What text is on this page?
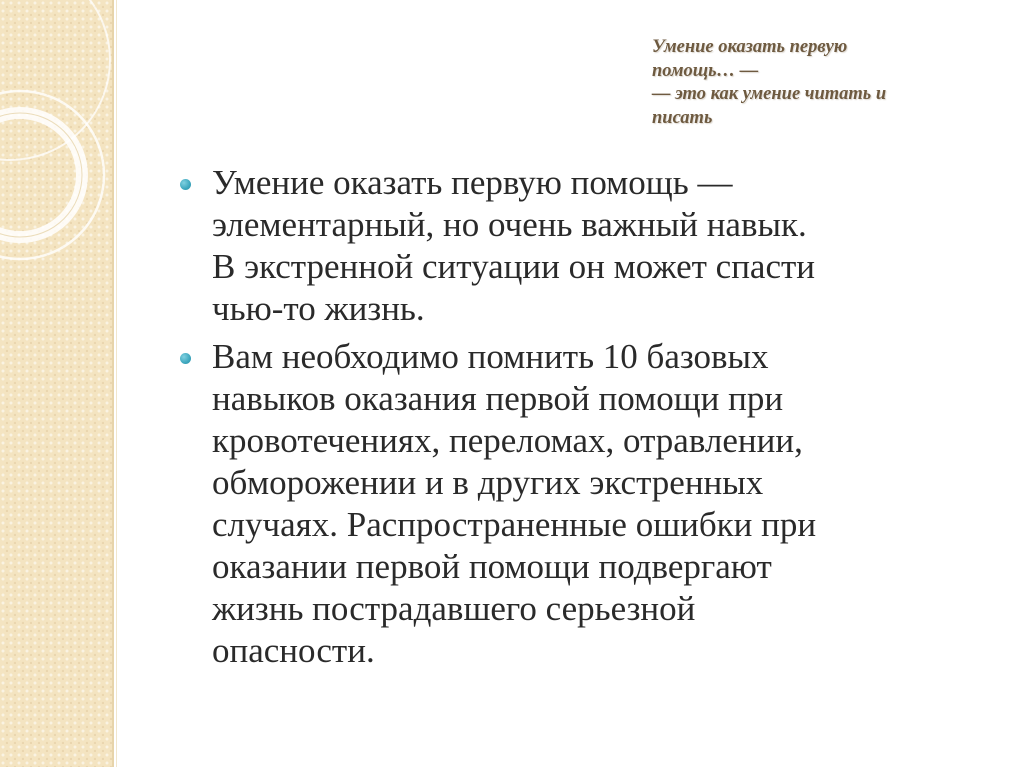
Умение оказать первую
помощь… —
— это как умение читать и
писать
Умение оказать первую помощь —
элементарный, но очень важный навык.
В экстренной ситуации он может спасти
чью-то жизнь.
Вам необходимо помнить 10 базовых
навыков оказания первой помощи при
кровотечениях, переломах, отравлении,
обморожении и в других экстренных
случаях. Распространенные ошибки при
оказании первой помощи подвергают
жизнь пострадавшего серьезной
опасности.
